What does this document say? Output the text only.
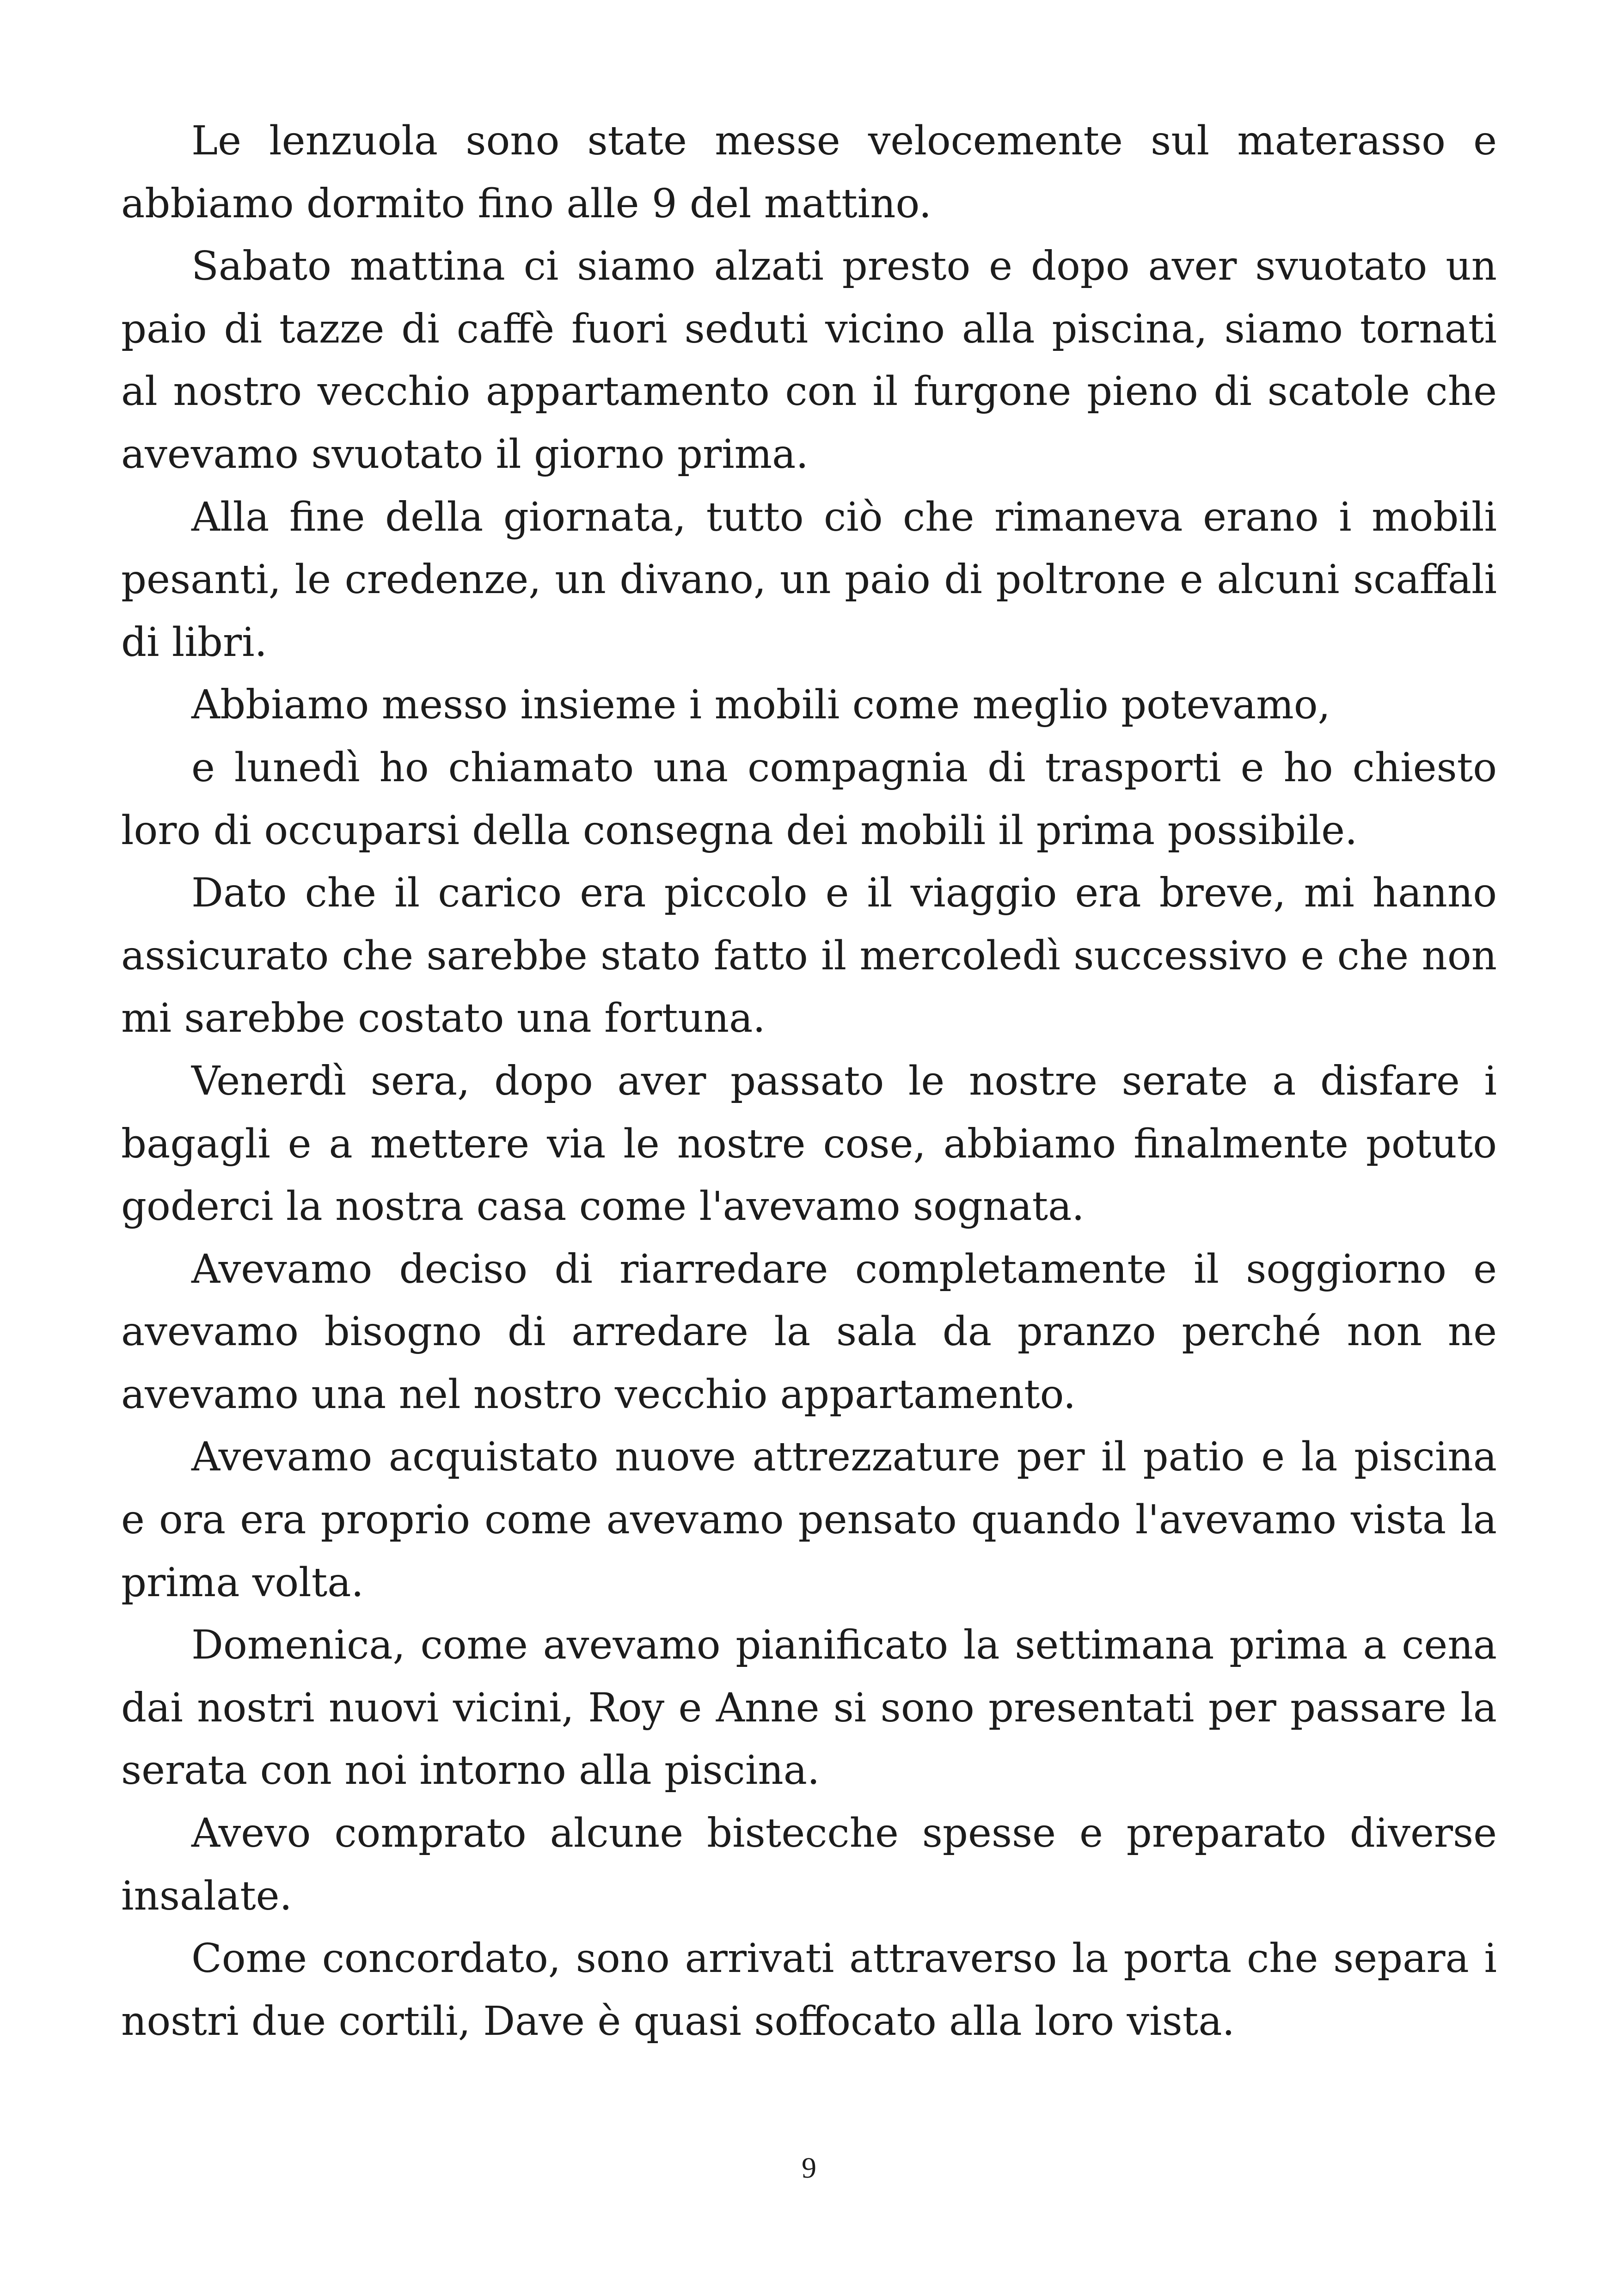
Le lenzuola sono state messe velocemente sul materasso e abbiamo dormito fino alle 9 del mattino.

Sabato mattina ci siamo alzati presto e dopo aver svuotato un paio di tazze di caffè fuori seduti vicino alla piscina, siamo tornati al nostro vecchio appartamento con il furgone pieno di scatole che avevamo svuotato il giorno prima.

Alla fine della giornata, tutto ciò che rimaneva erano i mobili pesanti, le credenze, un divano, un paio di poltrone e alcuni scaffali di libri.

Abbiamo messo insieme i mobili come meglio potevamo,

e lunedì ho chiamato una compagnia di trasporti e ho chiesto loro di occuparsi della consegna dei mobili il prima possibile.

Dato che il carico era piccolo e il viaggio era breve, mi hanno assicurato che sarebbe stato fatto il mercoledì successivo e che non mi sarebbe costato una fortuna.

Venerdì sera, dopo aver passato le nostre serate a disfare i bagagli e a mettere via le nostre cose, abbiamo finalmente potuto goderci la nostra casa come l'avevamo sognata.

Avevamo deciso di riarredare completamente il soggiorno e avevamo bisogno di arredare la sala da pranzo perché non ne avevamo una nel nostro vecchio appartamento.

Avevamo acquistato nuove attrezzature per il patio e la piscina e ora era proprio come avevamo pensato quando l'avevamo vista la prima volta.

Domenica, come avevamo pianificato la settimana prima a cena dai nostri nuovi vicini, Roy e Anne si sono presentati per passare la serata con noi intorno alla piscina.

Avevo comprato alcune bistecche spesse e preparato diverse insalate.

Come concordato, sono arrivati attraverso la porta che separa i nostri due cortili, Dave è quasi soffocato alla loro vista.

9
